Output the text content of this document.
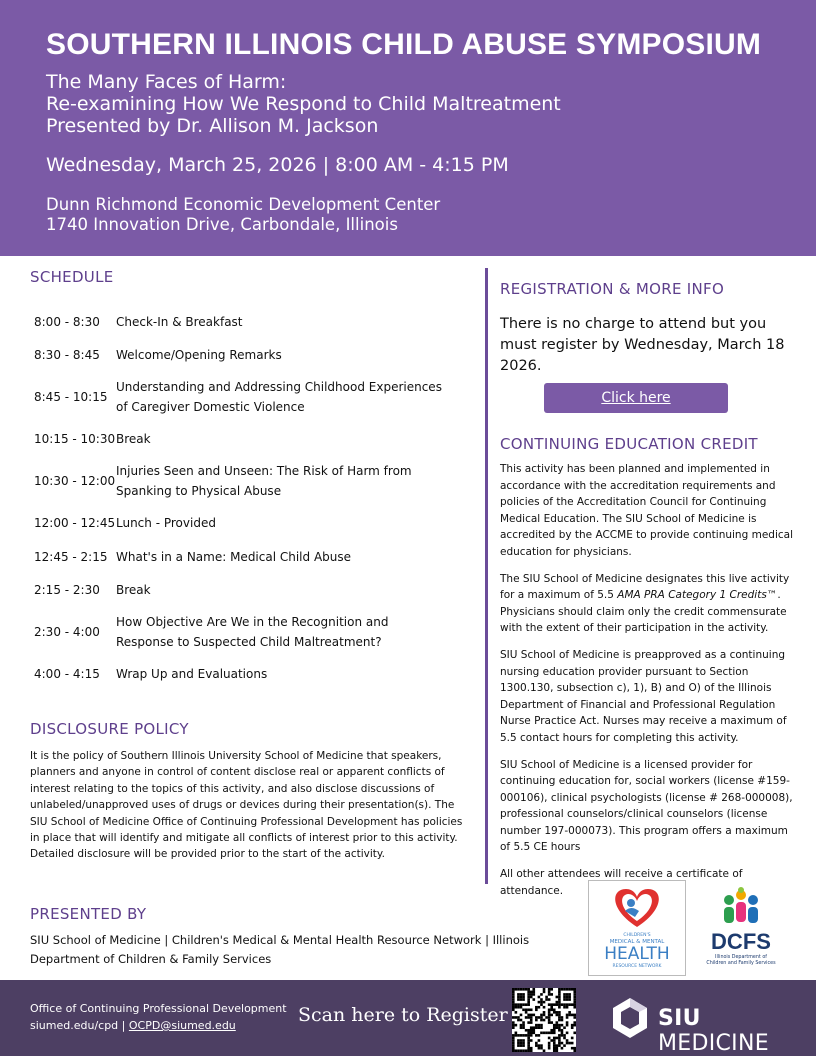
SOUTHERN ILLINOIS CHILD ABUSE SYMPOSIUM
The Many Faces of Harm:
Re-examining How We Respond to Child Maltreatment
Presented by Dr. Allison M. Jackson
Wednesday, March 25, 2026 | 8:00 AM - 4:15 PM
Dunn Richmond Economic Development Center
1740 Innovation Drive, Carbondale, Illinois
SCHEDULE
8:00 - 8:30	Check-In & Breakfast
8:30 - 8:45	Welcome/Opening Remarks
8:45 - 10:15
Understanding and Addressing Childhood Experiences of Caregiver Domestic Violence
10:15 - 10:30 Break
10:30 - 12:00
Injuries Seen and Unseen: The Risk of Harm from Spanking to Physical Abuse
12:00 - 12:45 Lunch - Provided
12:45 - 2:15 What's in a Name: Medical Child Abuse
2:15 - 2:30	Break
2:30 - 4:00
How Objective Are We in the Recognition and Response to Suspected Child Maltreatment?
4:00 - 4:15	Wrap Up and Evaluations
REGISTRATION & MORE INFO
There is no charge to attend but you must register by Wednesday, March 18 2026.
Click here
CONTINUING EDUCATION CREDIT

This activity has been planned and implemented in accordance with the accreditation requirements and policies of the Accreditation Council for Continuing Medical Education. The SIU School of Medicine is accredited by the ACCME to provide continuing medical education for physicians.

The SIU School of Medicine designates this live activity for a maximum of 5.5 AMA PRA Category 1 Credits™. Physicians should claim only the credit commensurate with the extent of their participation in the activity.

SIU School of Medicine is preapproved as a continuing nursing education provider pursuant to Section 1300.130, subsection c), 1), B) and O) of the Illinois Department of Financial and Professional Regulation Nurse Practice Act. Nurses may receive a maximum of 5.5 contact hours for completing this activity.

SIU School of Medicine is a licensed provider for continuing education for, social workers (license #159-000106), clinical psychologists (license # 268-000008), professional counselors/clinical counselors (license number 197-000073). This program offers a maximum of 5.5 CE hours

All other attendees will receive a certificate of attendance.

DISCLOSURE POLICY

It is the policy of Southern Illinois University School of Medicine that speakers, planners and anyone in control of content disclose real or apparent conflicts of interest relating to the topics of this activity, and also disclose discussions of unlabeled/unapproved uses of drugs or devices during their presentation(s). The SIU School of Medicine Office of Continuing Professional Development has policies in place that will identify and mitigate all conflicts of interest prior to this activity. Detailed disclosure will be provided prior to the start of the activity.

PRESENTED BY
SIU School of Medicine | Children's Medical & Mental Health Resource Network | Illinois Department of Children & Family Services
CHILDREN'S
MEDICAL & MENTAL
HEALTH
RESOURCE NETWORK
DCFS
Illinois Department of
Children and Family Services
Office of Continuing Professional Development
siumed.edu/cpd | OCPD@siumed.edu	Scan here to Register	SIU MEDICINE
